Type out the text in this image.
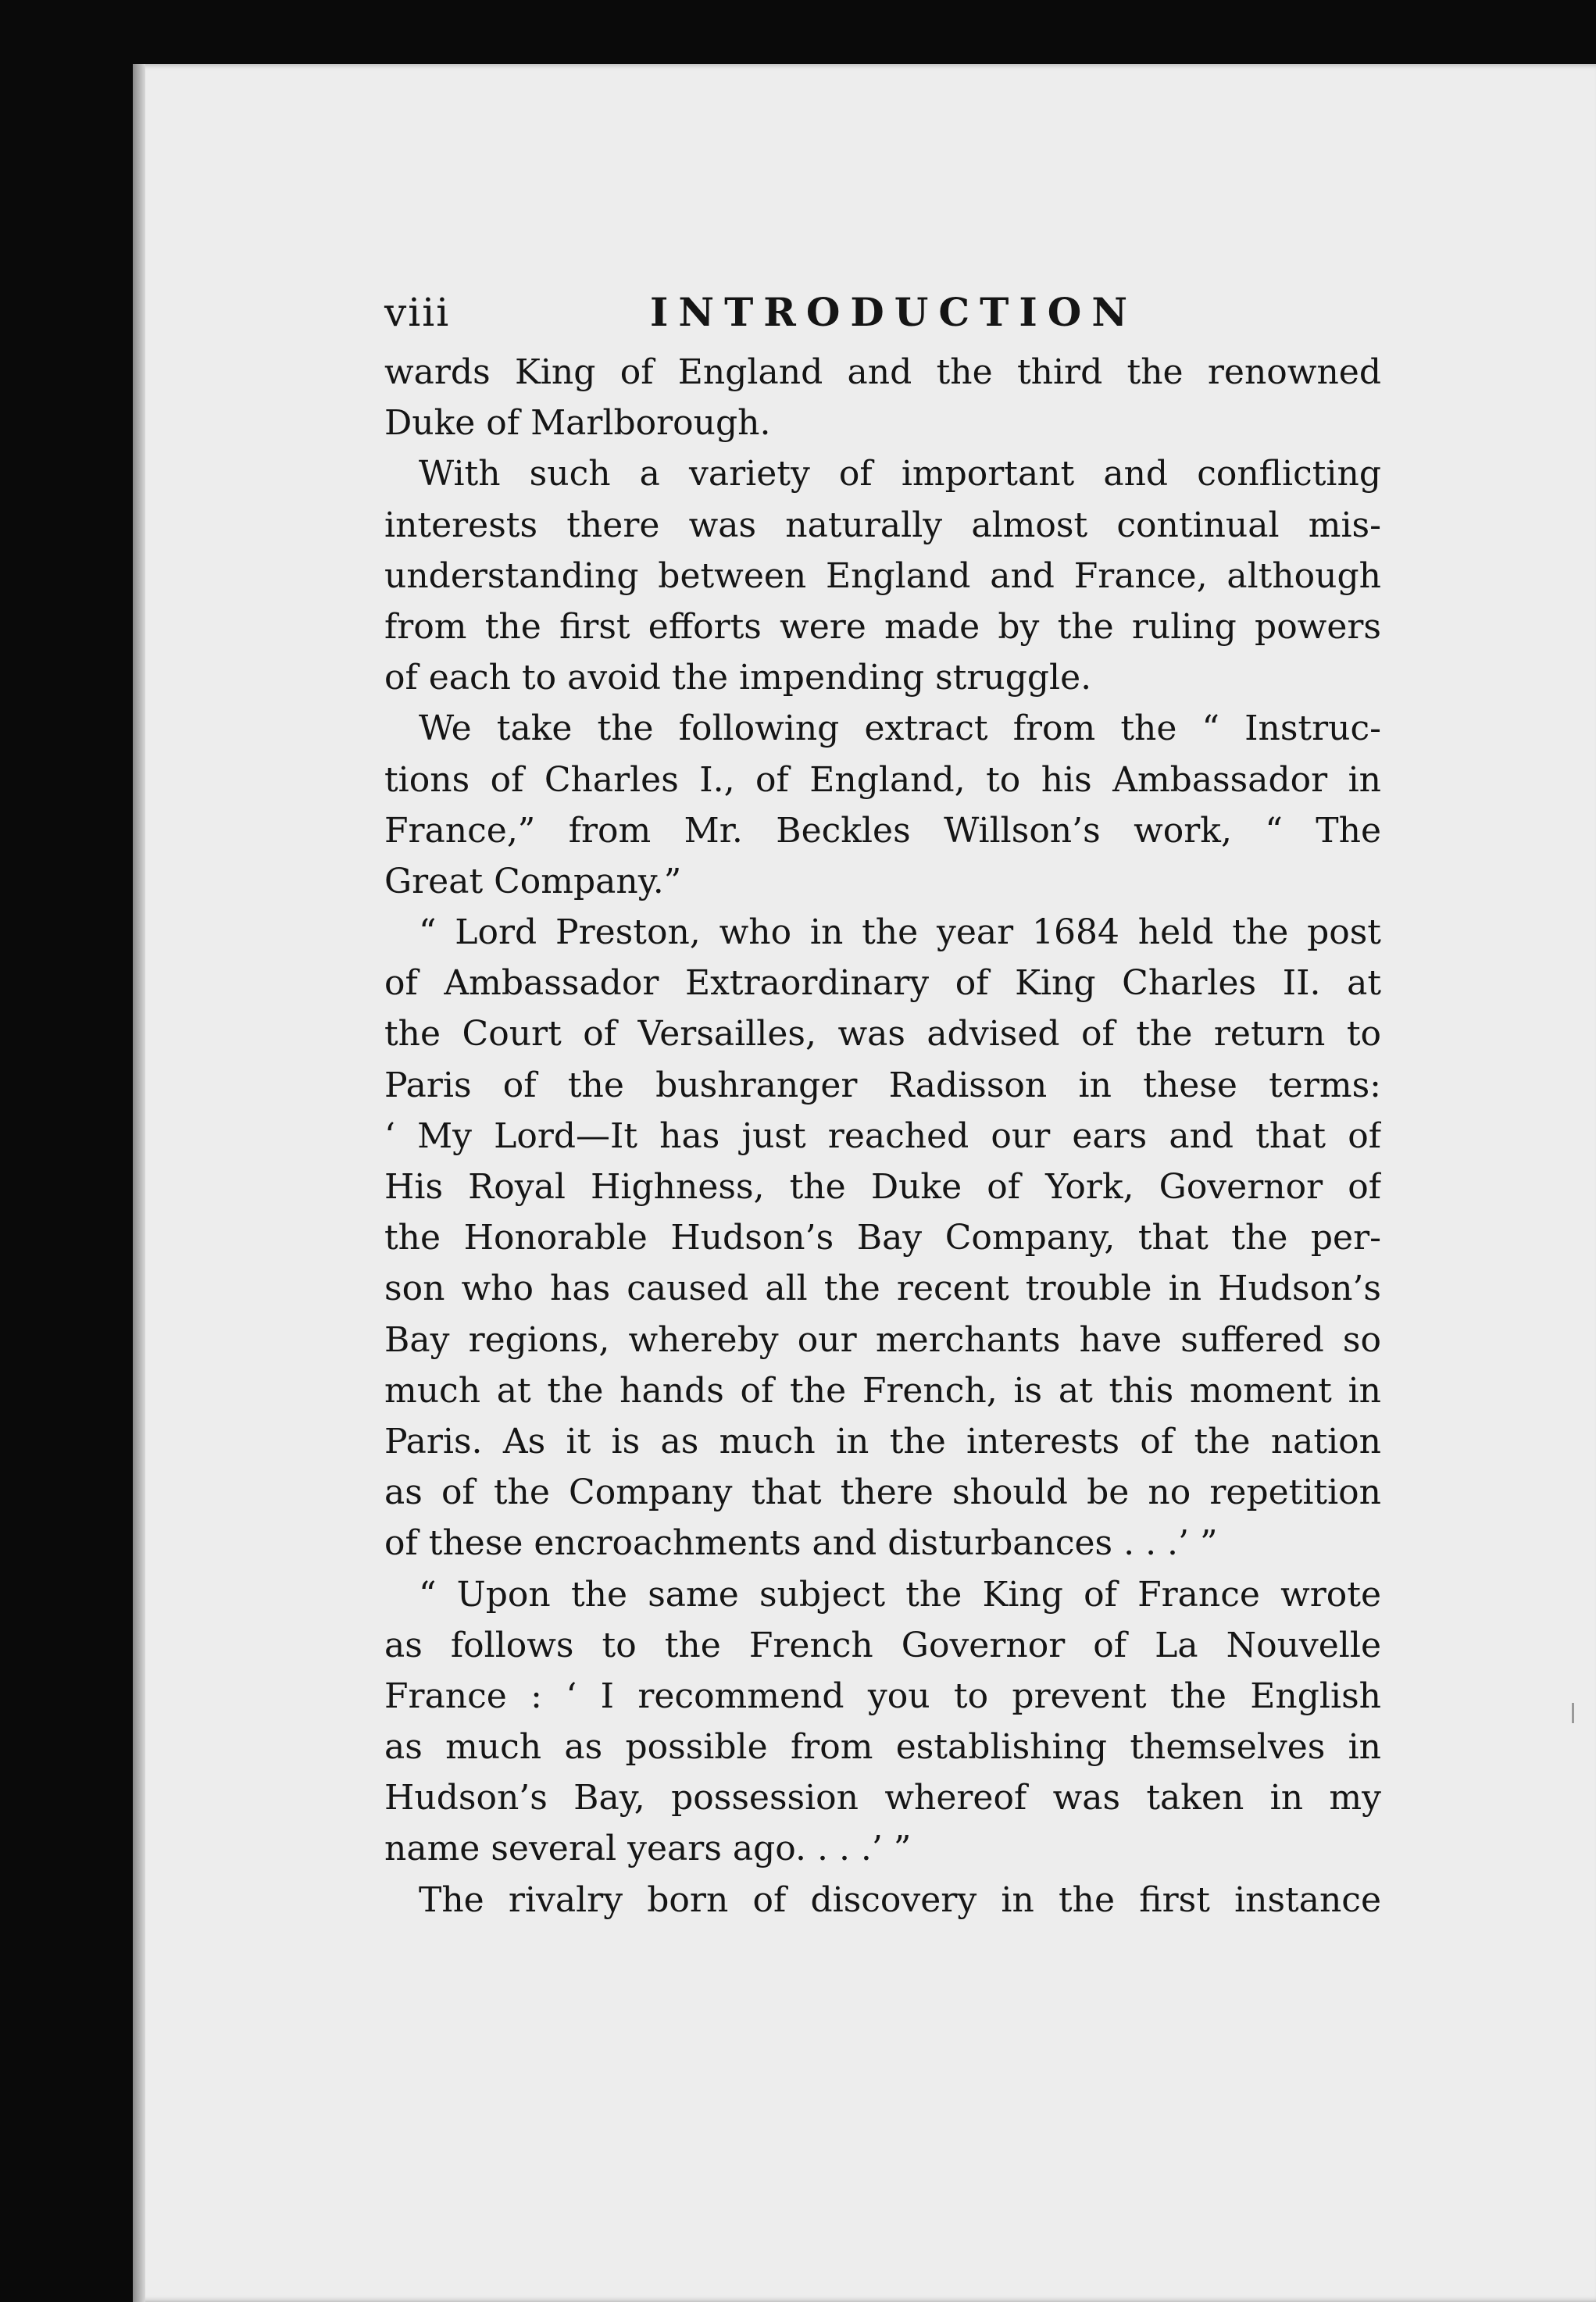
viii	INTRODUCTION
wards King of England and the third the renowned
Duke of Marlborough.
With such a variety of important and conflicting
interests there was naturally almost continual mis-
understanding between England and France, although
from the first efforts were made by the ruling powers
of each to avoid the impending struggle.
We take the following extract from the “ Instruc-
tions of Charles I., of England, to his Ambassador in
France,” from Mr. Beckles Willson’s work, “ The
Great Company.”
“ Lord Preston, who in the year 1684 held the post
of Ambassador Extraordinary of King Charles II. at
the Court of Versailles, was advised of the return to
Paris of the bushranger Radisson in these terms:
‘ My Lord—It has just reached our ears and that of
His Royal Highness, the Duke of York, Governor of
the Honorable Hudson’s Bay Company, that the per-
son who has caused all the recent trouble in Hudson’s
Bay regions, whereby our merchants have suffered so
much at the hands of the French, is at this moment in
Paris. As it is as much in the interests of the nation
as of the Company that there should be no repetition
of these encroachments and disturbances . . .’ ”
“ Upon the same subject the King of France wrote
as follows to the French Governor of La Nouvelle
France : ‘ I recommend you to prevent the English
as much as possible from establishing themselves in
Hudson’s Bay, possession whereof was taken in my
name several years ago. . . .’ ”
The rivalry born of discovery in the first instance
